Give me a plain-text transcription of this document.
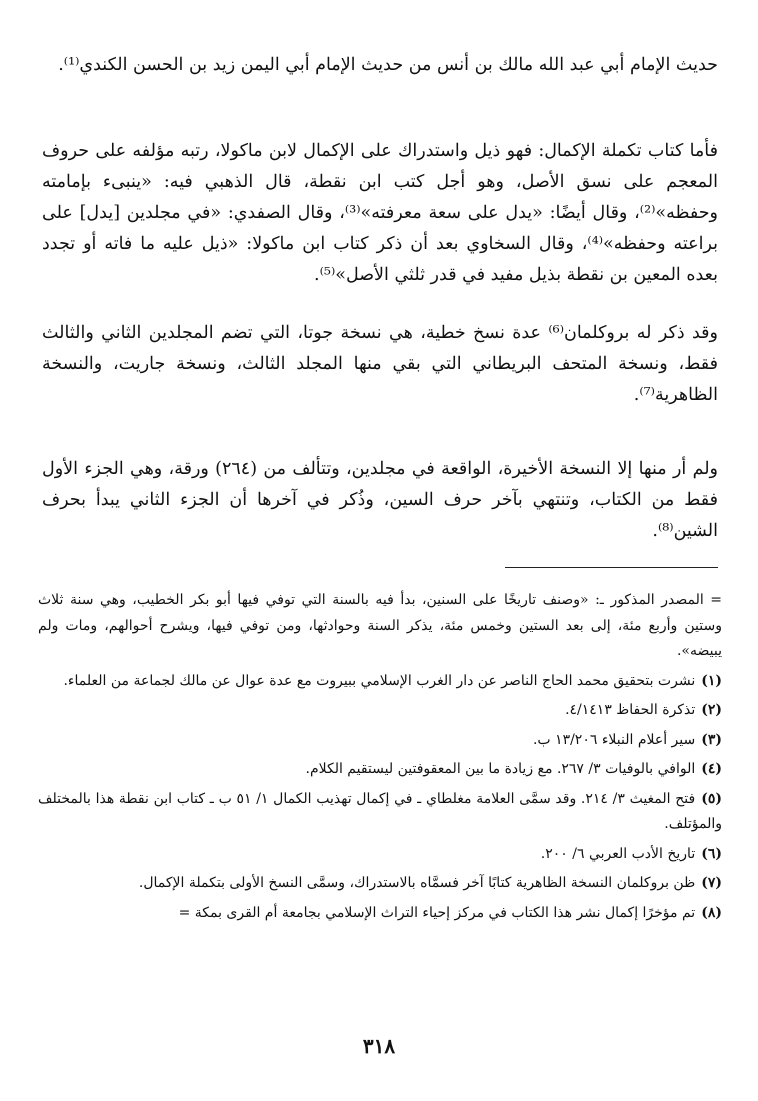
حديث الإمام أبي عبد الله مالك بن أنس من حديث الإمام أبي اليمن زيد بن الحسن الكندي⁽¹⁾.

فأما كتاب تكملة الإكمال: فهو ذيل واستدراك على الإكمال لابن ماكولا، رتبه مؤلفه على حروف المعجم على نسق الأصل، وهو أجل كتب ابن نقطة، قال الذهبي فيه: «ينبىء بإمامته وحفظه»⁽²⁾، وقال أيضًا: «يدل على سعة معرفته»⁽³⁾، وقال الصفدي: «في مجلدين [يدل] على براعته وحفظه»⁽⁴⁾، وقال السخاوي بعد أن ذكر كتاب ابن ماكولا: «ذيل عليه ما فاته أو تجدد بعده المعين بن نقطة بذيل مفيد في قدر ثلثي الأصل»⁽⁵⁾.

وقد ذكر له بروكلمان⁽⁶⁾ عدة نسخ خطية، هي نسخة جوتا، التي تضم المجلدين الثاني والثالث فقط، ونسخة المتحف البريطاني التي بقي منها المجلد الثالث، ونسخة جاريت، والنسخة الظاهرية⁽⁷⁾.

ولم أر منها إلا النسخة الأخيرة، الواقعة في مجلدين، وتتألف من (٢٦٤) ورقة، وهي الجزء الأول فقط من الكتاب، وتنتهي بآخر حرف السين، وذُكر في آخرها أن الجزء الثاني يبدأ بحرف الشين⁽⁸⁾.

= المصدر المذكور ـ: «وصنف تاريخًا على السنين، بدأ فيه بالسنة التي توفي فيها أبو بكر الخطيب، وهي سنة ثلاث وستين وأربع مئة، إلى بعد الستين وخمس مئة، يذكر السنة وحوادثها، ومن توفي فيها، ويشرح أحوالهم، ومات ولم يبيضه».

(١)نشرت بتحقيق محمد الحاج الناصر عن دار الغرب الإسلامي ببيروت مع عدة عوال عن مالك لجماعة من العلماء.

(٢)تذكرة الحفاظ ٤/١٤١٣.

(٣)سير أعلام النبلاء ١٣/٢٠٦ ب.

(٤)الوافي بالوفيات ٣/ ٢٦٧. مع زيادة ما بين المعقوفتين ليستقيم الكلام.

(٥)فتح المغيث ٣/ ٢١٤. وقد سمَّى العلامة مغلطاي ـ في إكمال تهذيب الكمال ١/ ٥١ ب ـ كتاب ابن نقطة هذا بالمختلف والمؤتلف.

(٦)تاريخ الأدب العربي ٦/ ٢٠٠.

(٧)ظن بروكلمان النسخة الظاهرية كتابًا آخر فسمَّاه بالاستدراك، وسمَّى النسخ الأولى بتكملة الإكمال.

(٨)تم مؤخرًا إكمال نشر هذا الكتاب في مركز إحياء التراث الإسلامي بجامعة أم القرى بمكة =

٣١٨
